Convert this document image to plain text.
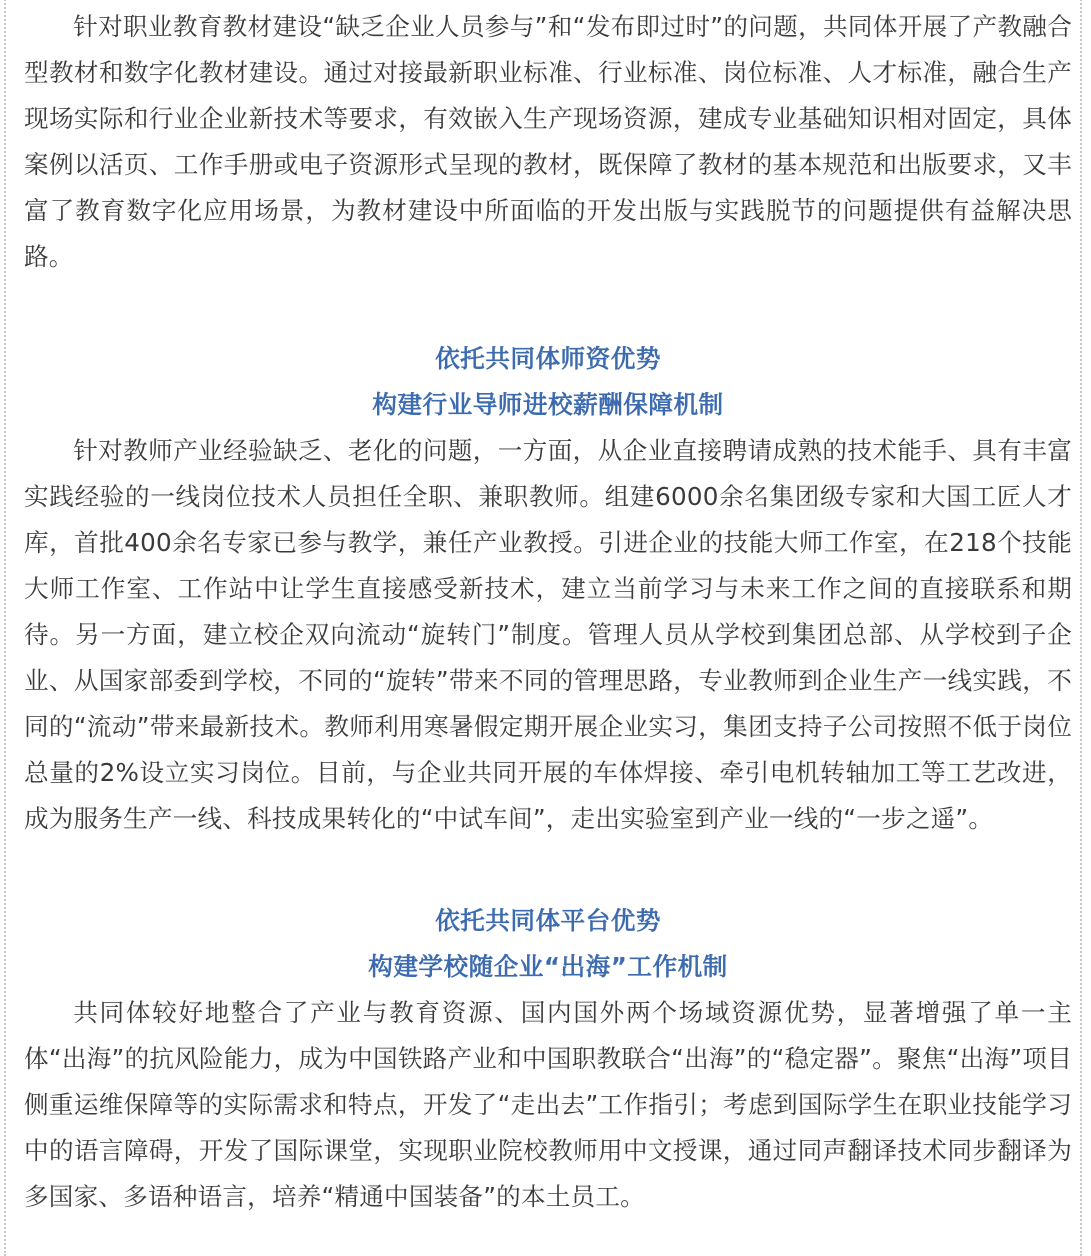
针对职业教育教材建设“缺乏企业人员参与”和“发布即过时”的问题，共同体开展了产教融合型教材和数字化教材建设。通过对接最新职业标准、行业标准、岗位标准、人才标准，融合生产现场实际和行业企业新技术等要求，有效嵌入生产现场资源，建成专业基础知识相对固定，具体案例以活页、工作手册或电子资源形式呈现的教材，既保障了教材的基本规范和出版要求，又丰富了教育数字化应用场景，为教材建设中所面临的开发出版与实践脱节的问题提供有益解决思路。

依托共同体师资优势
构建行业导师进校薪酬保障机制

针对教师产业经验缺乏、老化的问题，一方面，从企业直接聘请成熟的技术能手、具有丰富实践经验的一线岗位技术人员担任全职、兼职教师。组建6000余名集团级专家和大国工匠人才库，首批400余名专家已参与教学，兼任产业教授。引进企业的技能大师工作室，在218个技能大师工作室、工作站中让学生直接感受新技术，建立当前学习与未来工作之间的直接联系和期待。另一方面，建立校企双向流动“旋转门”制度。管理人员从学校到集团总部、从学校到子企业、从国家部委到学校，不同的“旋转”带来不同的管理思路，专业教师到企业生产一线实践，不同的“流动”带来最新技术。教师利用寒暑假定期开展企业实习，集团支持子公司按照不低于岗位总量的2%设立实习岗位。目前，与企业共同开展的车体焊接、牵引电机转轴加工等工艺改进，成为服务生产一线、科技成果转化的“中试车间”，走出实验室到产业一线的“一步之遥”。

依托共同体平台优势
构建学校随企业“出海”工作机制

共同体较好地整合了产业与教育资源、国内国外两个场域资源优势，显著增强了单一主体“出海”的抗风险能力，成为中国铁路产业和中国职教联合“出海”的“稳定器”。聚焦“出海”项目侧重运维保障等的实际需求和特点，开发了“走出去”工作指引；考虑到国际学生在职业技能学习中的语言障碍，开发了国际课堂，实现职业院校教师用中文授课，通过同声翻译技术同步翻译为多国家、多语种语言，培养“精通中国装备”的本土员工。
